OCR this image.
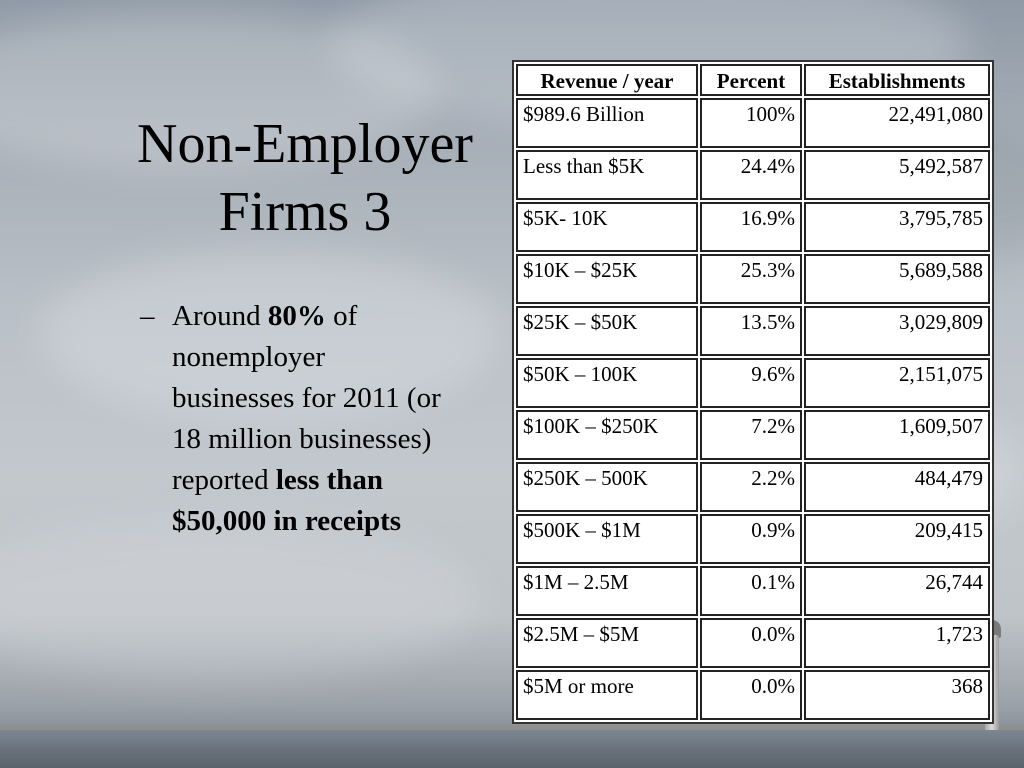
Non-Employer
Firms 3
– Around 80% of nonemployer businesses for 2011 (or 18 million businesses) reported less than $50,000 in receipts
Revenue / year	Percent	Establishments
$989.6 Billion	100%	22,491,080
Less than $5K	24.4%	5,492,587
$5K- 10K	16.9%	3,795,785
$10K – $25K	25.3%	5,689,588
$25K – $50K	13.5%	3,029,809
$50K – 100K	9.6%	2,151,075
$100K – $250K	7.2%	1,609,507
$250K – 500K	2.2%	484,479
$500K – $1M	0.9%	209,415
$1M – 2.5M	0.1%	26,744
$2.5M – $5M	0.0%	1,723
$5M or more	0.0%	368
